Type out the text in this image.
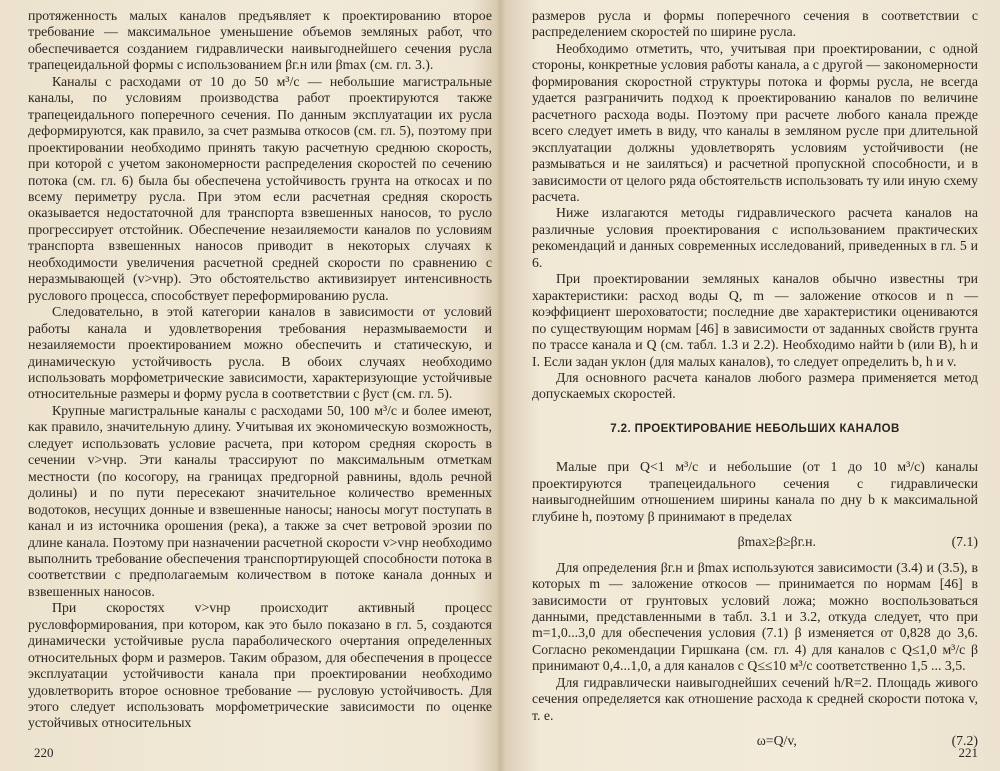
протяженность малых каналов предъявляет к проектированию второе требование — максимальное уменьшение объемов земляных работ, что обеспечивается созданием гидравлически наивыгоднейшего сечения русла трапецеидальной формы с использованием βг.н или βmax (см. гл. 3.).

Каналы с расходами от 10 до 50 м³/с — небольшие магистральные каналы, по условиям производства работ проектируются также трапецеидального поперечного сечения. По данным эксплуатации их русла деформируются, как правило, за счет размыва откосов (см. гл. 5), поэтому при проектировании необходимо принять такую расчетную среднюю скорость, при которой с учетом закономерности распределения скоростей по сечению потока (см. гл. 6) была бы обеспечена устойчивость грунта на откосах и по всему периметру русла. При этом если расчетная средняя скорость оказывается недостаточной для транспорта взвешенных наносов, то русло прогрессирует отстойник. Обеспечение незаиляемости каналов по условиям транспорта взвешенных наносов приводит в некоторых случаях к необходимости увеличения расчетной средней скорости по сравнению с неразмывающей (v>vнр). Это обстоятельство активизирует интенсивность руслового процесса, способствует переформированию русла.

Следовательно, в этой категории каналов в зависимости от условий работы канала и удовлетворения требования неразмываемости и незаиляемости проектированием можно обеспечить и статическую, и динамическую устойчивость русла. В обоих случаях необходимо использовать морфометрические зависимости, характеризующие устойчивые относительные размеры и форму русла в соответствии с βуст (см. гл. 5).

Крупные магистральные каналы с расходами 50, 100 м³/с и более имеют, как правило, значительную длину. Учитывая их экономическую возможность, следует использовать условие расчета, при котором средняя скорость в сечении v>vнр. Эти каналы трассируют по максимальным отметкам местности (по косогору, на границах предгорной равнины, вдоль речной долины) и по пути пересекают значительное количество временных водотоков, несущих донные и взвешенные наносы; наносы могут поступать в канал и из источника орошения (река), а также за счет ветровой эрозии по длине канала. Поэтому при назначении расчетной скорости v>vнр необходимо выполнить требование обеспечения транспортирующей способности потока в соответствии с предполагаемым количеством в потоке канала донных и взвешенных наносов.

При скоростях v>vнр происходит активный процесс русловформирования, при котором, как это было показано в гл. 5, создаются динамически устойчивые русла параболического очертания определенных относительных форм и размеров. Таким образом, для обеспечения в процессе эксплуатации устойчивости канала при проектировании необходимо удовлетворить второе основное требование — русловую устойчивость. Для этого следует использовать морфометрические зависимости по оценке устойчивых относительных

220

размеров русла и формы поперечного сечения в соответствии с распределением скоростей по ширине русла.

Необходимо отметить, что, учитывая при проектировании, с одной стороны, конкретные условия работы канала, а с другой — закономерности формирования скоростной структуры потока и формы русла, не всегда удается разграничить подход к проектированию каналов по величине расчетного расхода воды. Поэтому при расчете любого канала прежде всего следует иметь в виду, что каналы в земляном русле при длительной эксплуатации должны удовлетворять условиям устойчивости (не размываться и не заиляться) и расчетной пропускной способности, и в зависимости от целого ряда обстоятельств использовать ту или иную схему расчета.

Ниже излагаются методы гидравлического расчета каналов на различные условия проектирования с использованием практических рекомендаций и данных современных исследований, приведенных в гл. 5 и 6.

При проектировании земляных каналов обычно известны три характеристики: расход воды Q, m — заложение откосов и n — коэффициент шероховатости; последние две характеристики оцениваются по существующим нормам [46] в зависимости от заданных свойств грунта по трассе канала и Q (см. табл. 1.3 и 2.2). Необходимо найти b (или B), h и I. Если задан уклон (для малых каналов), то следует определить b, h и v.

Для основного расчета каналов любого размера применяется метод допускаемых скоростей.

7.2. ПРОЕКТИРОВАНИЕ НЕБОЛЬШИХ КАНАЛОВ

Малые при Q<1 м³/с и небольшие (от 1 до 10 м³/с) каналы проектируются трапецеидального сечения с гидравлически наивыгоднейшим отношением ширины канала по дну b к максимальной глубине h, поэтому β принимают в пределах

βmax≥β≥βг.н.	(7.1)

Для определения βг.н и βmax используются зависимости (3.4) и (3.5), в которых m — заложение откосов — принимается по нормам [46] в зависимости от грунтовых условий ложа; можно воспользоваться данными, представленными в табл. 3.1 и 3.2, откуда следует, что при m=1,0...3,0 для обеспечения условия (7.1) β изменяется от 0,828 до 3,6. Согласно рекомендации Гиршкана (см. гл. 4) для каналов с Q≤1,0 м³/с β принимают 0,4...1,0, а для каналов с Q≤≤10 м³/с соответственно 1,5 ... 3,5.

Для гидравлически наивыгоднейших сечений h/R=2. Площадь живого сечения определяется как отношение расхода к средней скорости потока v, т. е.

ω=Q/v,	(7.2)
221
